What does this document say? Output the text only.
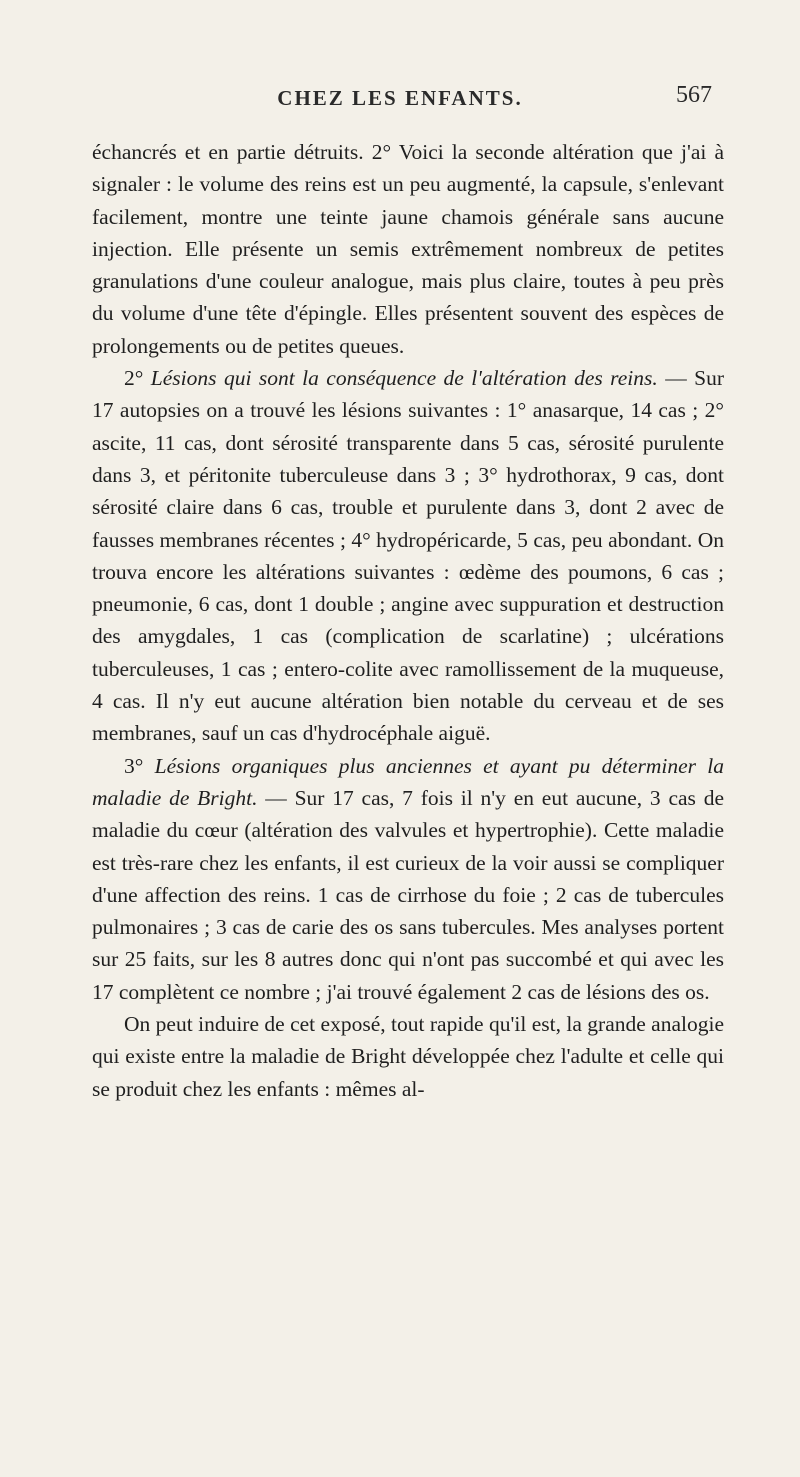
CHEZ LES ENFANTS.	567

échancrés et en partie détruits. 2° Voici la seconde altération que j'ai à signaler : le volume des reins est un peu augmenté, la capsule, s'enlevant facilement, montre une teinte jaune chamois générale sans aucune injection. Elle présente un semis extrêmement nombreux de petites granulations d'une couleur analogue, mais plus claire, toutes à peu près du volume d'une tête d'épingle. Elles présentent souvent des espèces de prolongements ou de petites queues.

2° Lésions qui sont la conséquence de l'altération des reins. — Sur 17 autopsies on a trouvé les lésions suivantes : 1° anasarque, 14 cas ; 2° ascite, 11 cas, dont sérosité transparente dans 5 cas, sérosité purulente dans 3, et péritonite tuberculeuse dans 3 ; 3° hydrothorax, 9 cas, dont sérosité claire dans 6 cas, trouble et purulente dans 3, dont 2 avec de fausses membranes récentes ; 4° hydropéricarde, 5 cas, peu abondant. On trouva encore les altérations suivantes : œdème des poumons, 6 cas ; pneumonie, 6 cas, dont 1 double ; angine avec suppuration et destruction des amygdales, 1 cas (complication de scarlatine) ; ulcérations tuberculeuses, 1 cas ; entero-colite avec ramollissement de la muqueuse, 4 cas. Il n'y eut aucune altération bien notable du cerveau et de ses membranes, sauf un cas d'hydrocéphale aiguë.

3° Lésions organiques plus anciennes et ayant pu déterminer la maladie de Bright. — Sur 17 cas, 7 fois il n'y en eut aucune, 3 cas de maladie du cœur (altération des valvules et hypertrophie). Cette maladie est très-rare chez les enfants, il est curieux de la voir aussi se compliquer d'une affection des reins. 1 cas de cirrhose du foie ; 2 cas de tubercules pulmonaires ; 3 cas de carie des os sans tubercules. Mes analyses portent sur 25 faits, sur les 8 autres donc qui n'ont pas succombé et qui avec les 17 complètent ce nombre ; j'ai trouvé également 2 cas de lésions des os.

On peut induire de cet exposé, tout rapide qu'il est, la grande analogie qui existe entre la maladie de Bright développée chez l'adulte et celle qui se produit chez les enfants : mêmes al-
